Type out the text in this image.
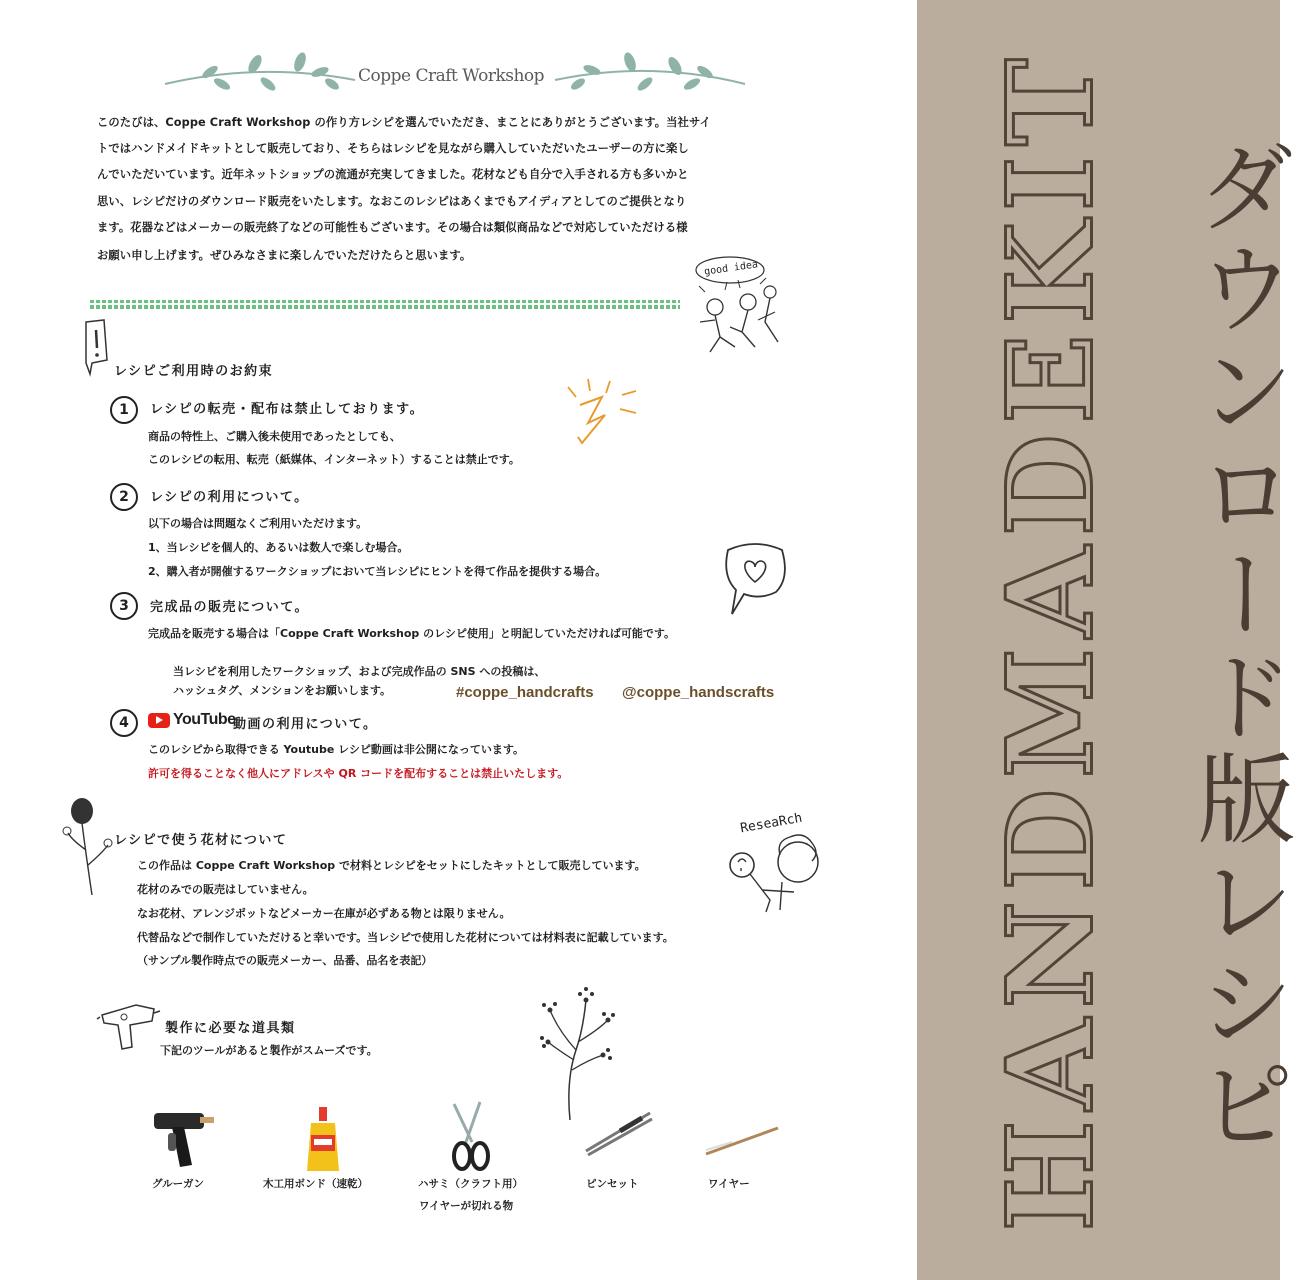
Coppe Craft Workshop
このたびは、Coppe Craft Workshop の作り方レシピを選んでいただき、まことにありがとうございます。当社サイ
トではハンドメイドキットとして販売しており、そちらはレシピを見ながら購入していただいたユーザーの方に楽し
んでいただいています。近年ネットショップの流通が充実してきました。花材なども自分で入手される方も多いかと
思い、レシピだけのダウンロード販売をいたします。なおこのレシピはあくまでもアイディアとしてのご提供となり
ます。花器などはメーカーの販売終了などの可能性もございます。その場合は類似商品などで対応していただける様
お願い申し上げます。ぜひみなさまに楽しんでいただけたらと思います。
good idea
レシピご利用時のお約束
1	レシピの転売・配布は禁止しております。
商品の特性上、ご購入後未使用であったとしても、
このレシピの転用、転売（紙媒体、インターネット）することは禁止です。
2	レシピの利用について。
以下の場合は問題なくご利用いただけます。
1、当レシピを個人的、あるいは数人で楽しむ場合。
2、購入者が開催するワークショップにおいて当レシピにヒントを得て作品を提供する場合。
3	完成品の販売について。
完成品を販売する場合は「Coppe Craft Workshop のレシピ使用」と明記していただければ可能です。
当レシピを利用したワークショップ、および完成作品の SNS への投稿は、
ハッシュタグ、メンションをお願いします。	#coppe_handcrafts @coppe_handscrafts
4	YouTube
動画の利用について。
このレシピから取得できる Youtube レシピ動画は非公開になっています。
許可を得ることなく他人にアドレスや QR コードを配布することは禁止いたします。
レシピで使う花材について
この作品は Coppe Craft Workshop で材料とレシピをセットにしたキットとして販売しています。
花材のみでの販売はしていません。
なお花材、アレンジポットなどメーカー在庫が必ずある物とは限りません。
代替品などで制作していただけると幸いです。当レシピで使用した花材については材料表に記載しています。
（サンプル製作時点での販売メーカー、品番、品名を表記）
ReseaRch
製作に必要な道具類
下記のツールがあると製作がスムーズです。
グルーガン	木工用ボンド（速乾）	ハサミ（クラフト用）
ワイヤーが切れる物
ピンセット	ワイヤー HANDMADEKIT ダウンロード版レシピ
